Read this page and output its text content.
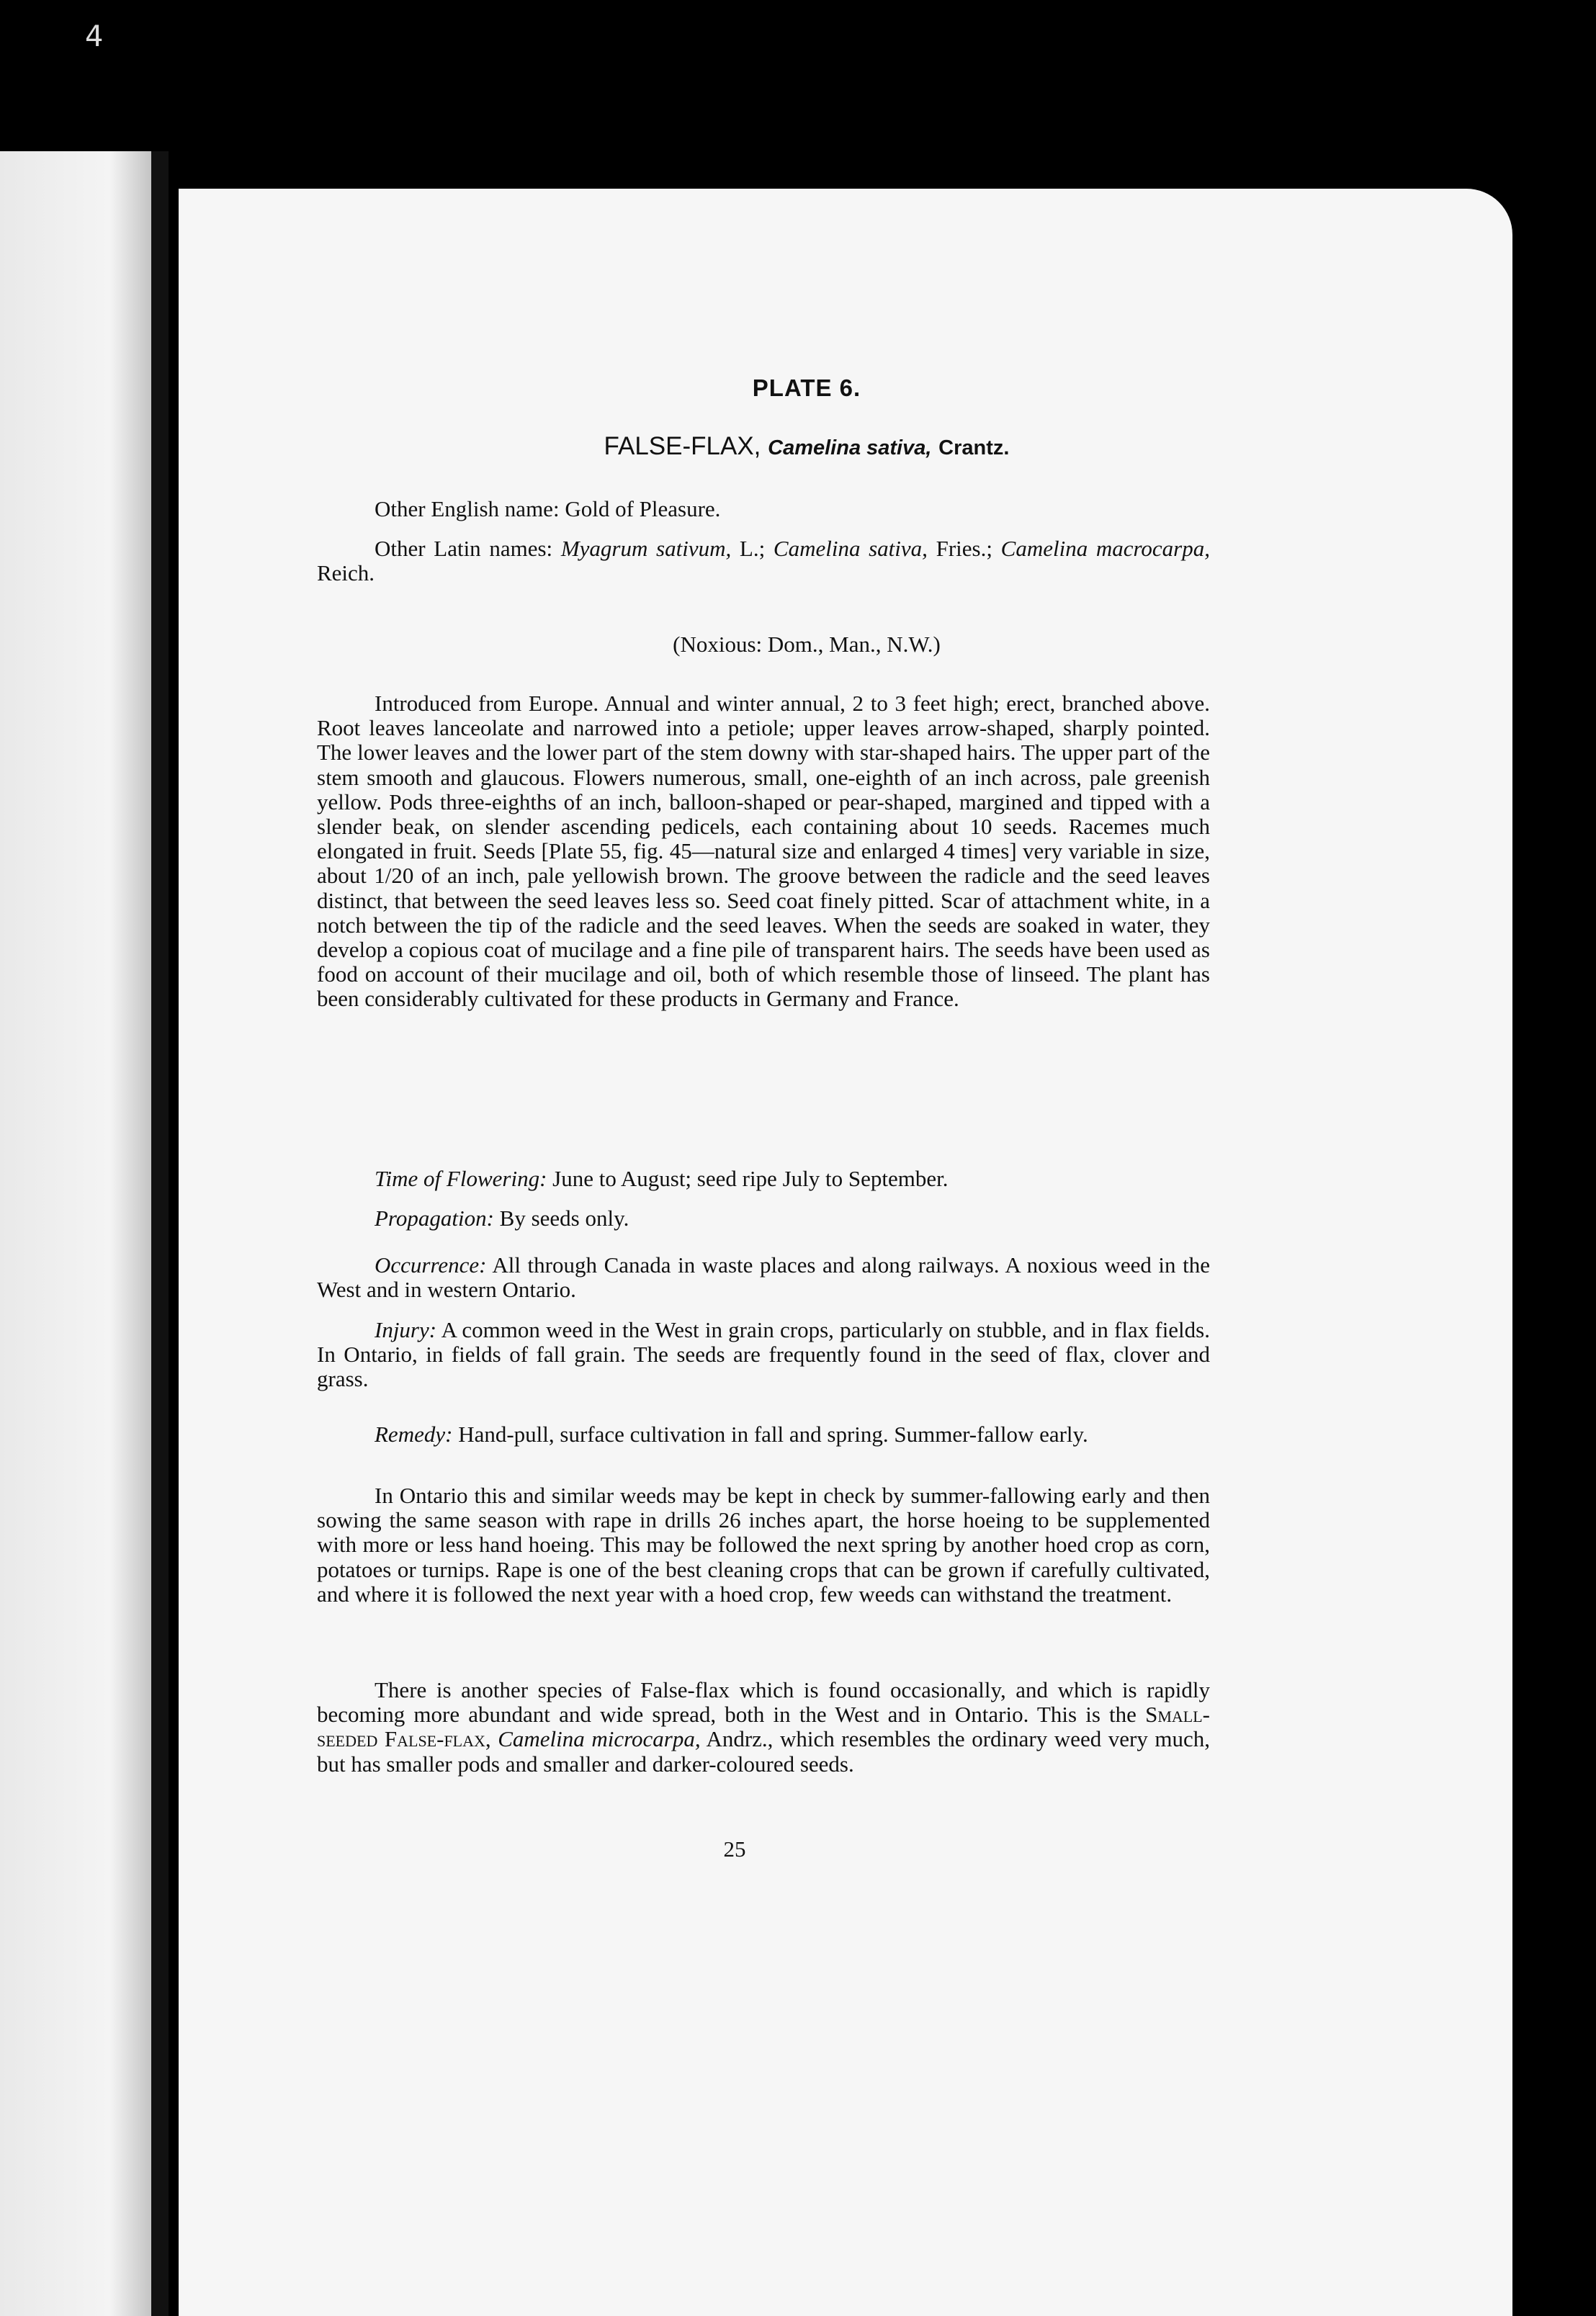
4
PLATE 6.
FALSE-FLAX, Camelina sativa, Crantz.
Other English name: Gold of Pleasure.
Other Latin names: Myagrum sativum, L.; Camelina sativa, Fries.; Camelina macrocarpa, Reich.
(Noxious: Dom., Man., N.W.)
Introduced from Europe. Annual and winter annual, 2 to 3 feet high; erect, branched above. Root leaves lanceolate and narrowed into a petiole; upper leaves arrow-shaped, sharply pointed. The lower leaves and the lower part of the stem downy with star-shaped hairs. The upper part of the stem smooth and glaucous. Flowers numerous, small, one-eighth of an inch across, pale greenish yellow. Pods three-eighths of an inch, balloon-shaped or pear-shaped, margined and tipped with a slender beak, on slender ascending pedicels, each containing about 10 seeds. Racemes much elongated in fruit. Seeds [Plate 55, fig. 45—natural size and enlarged 4 times] very variable in size, about 1/20 of an inch, pale yellowish brown. The groove between the radicle and the seed leaves distinct, that between the seed leaves less so. Seed coat finely pitted. Scar of attachment white, in a notch between the tip of the radicle and the seed leaves. When the seeds are soaked in water, they develop a copious coat of mucilage and a fine pile of transparent hairs. The seeds have been used as food on account of their mucilage and oil, both of which resemble those of linseed. The plant has been considerably cultivated for these products in Germany and France.
Time of Flowering: June to August; seed ripe July to September.
Propagation: By seeds only.
Occurrence: All through Canada in waste places and along railways. A noxious weed in the West and in western Ontario.
Injury: A common weed in the West in grain crops, particularly on stubble, and in flax fields. In Ontario, in fields of fall grain. The seeds are frequently found in the seed of flax, clover and grass.
Remedy: Hand-pull, surface cultivation in fall and spring. Summer-fallow early.
In Ontario this and similar weeds may be kept in check by summer-fallowing early and then sowing the same season with rape in drills 26 inches apart, the horse hoeing to be supplemented with more or less hand hoeing. This may be followed the next spring by another hoed crop as corn, potatoes or turnips. Rape is one of the best cleaning crops that can be grown if carefully cultivated, and where it is followed the next year with a hoed crop, few weeds can withstand the treatment.
There is another species of False-flax which is found occasionally, and which is rapidly becoming more abundant and wide spread, both in the West and in Ontario. This is the Small-seeded False-flax, Camelina microcarpa, Andrz., which resembles the ordinary weed very much, but has smaller pods and smaller and darker-coloured seeds.
25
